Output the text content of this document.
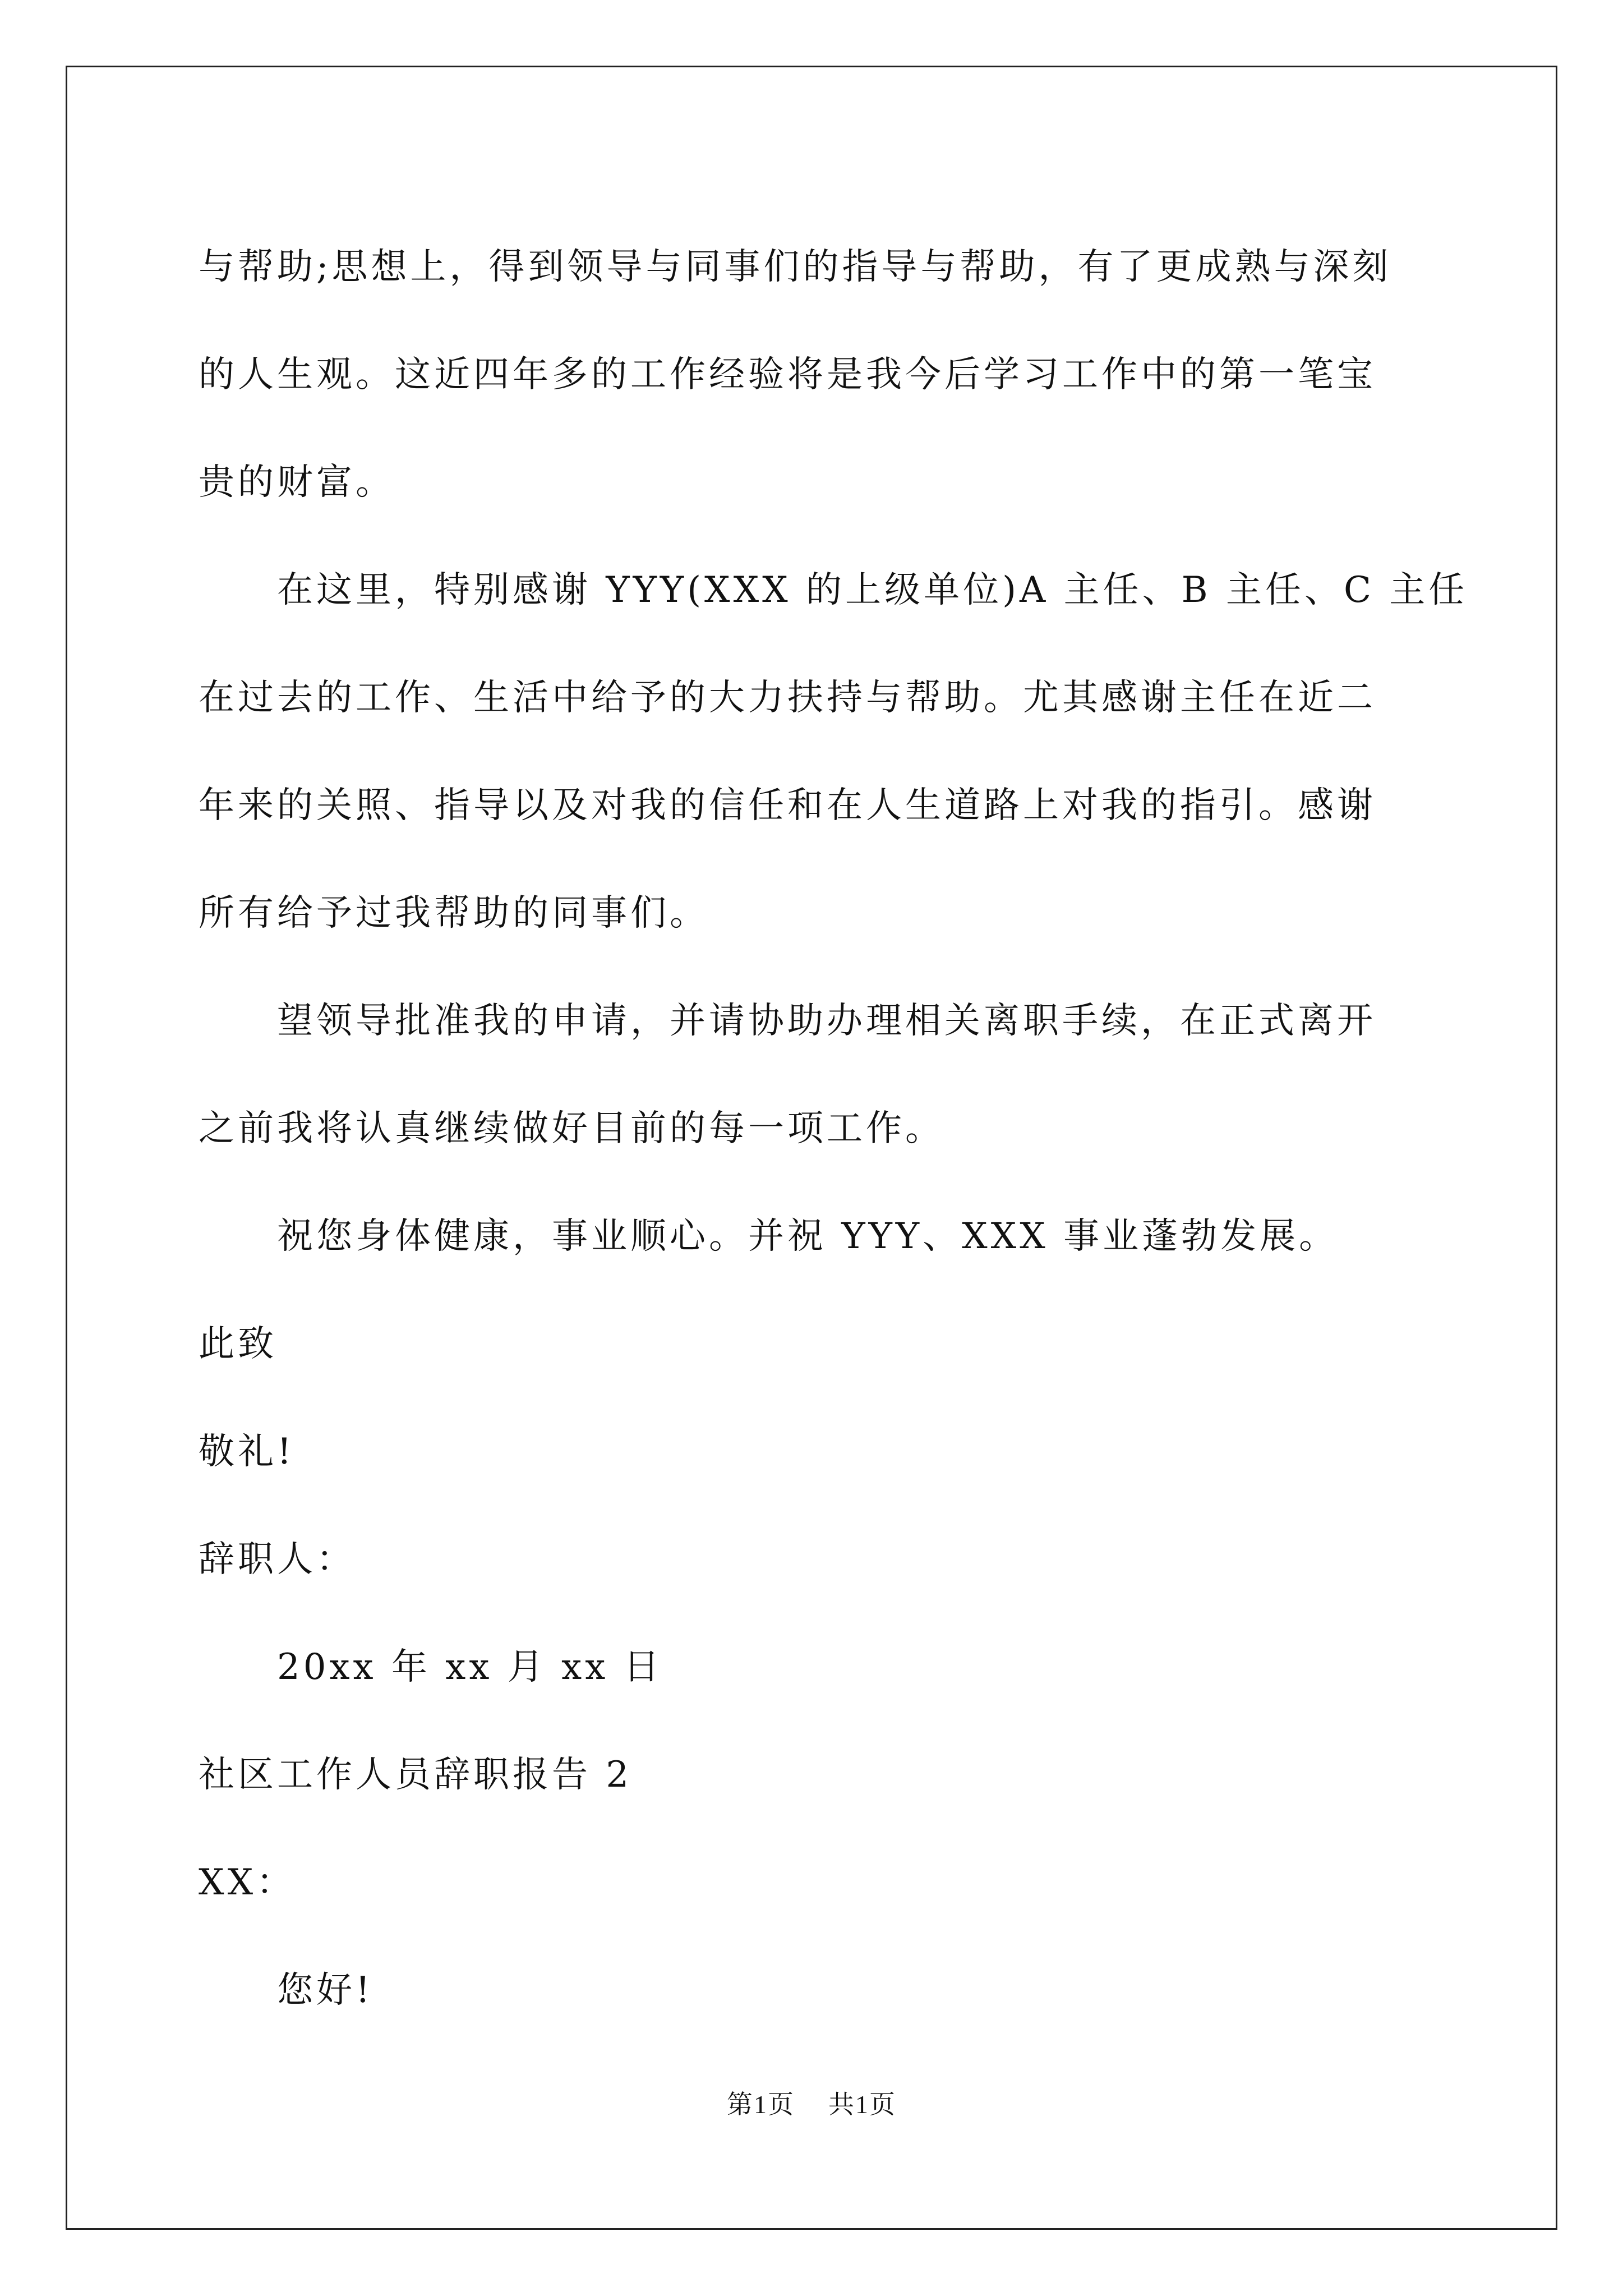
与帮助;思想上，得到领导与同事们的指导与帮助，有了更成熟与深刻

的人生观。这近四年多的工作经验将是我今后学习工作中的第一笔宝

贵的财富。

在这里，特别感谢 YYY(XXX 的上级单位)A 主任、B 主任、C 主任

在过去的工作、生活中给予的大力扶持与帮助。尤其感谢主任在近二

年来的关照、指导以及对我的信任和在人生道路上对我的指引。感谢

所有给予过我帮助的同事们。

望领导批准我的申请，并请协助办理相关离职手续，在正式离开

之前我将认真继续做好目前的每一项工作。

祝您身体健康，事业顺心。并祝 YYY、XXX 事业蓬勃发展。

此致

敬礼!

辞职人：

20xx 年 xx 月 xx 日

社区工作人员辞职报告 2

XX：

您好!

第1页 共1页
